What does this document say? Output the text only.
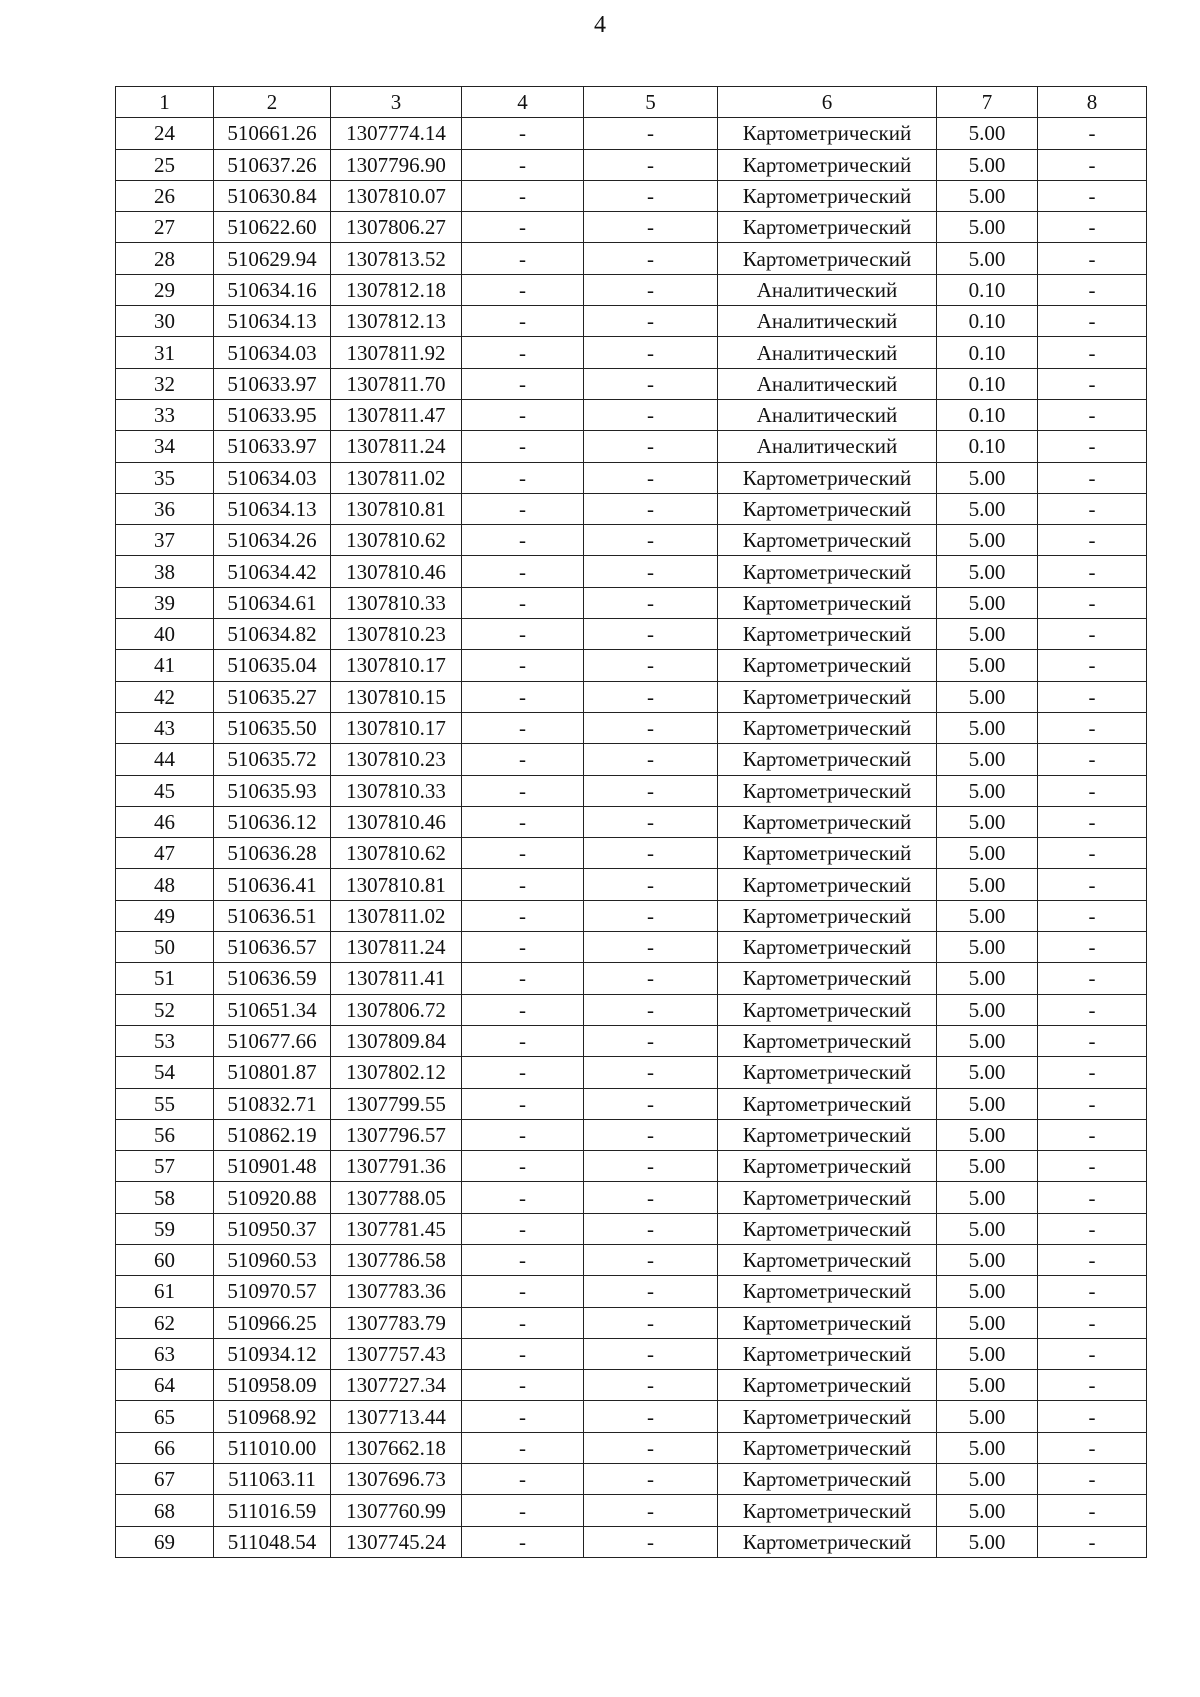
4
1	2	3	4	5	6	7	8
24	510661.26	1307774.14	-	-	Картометрический	5.00	-
25	510637.26	1307796.90	-	-	Картометрический	5.00	-
26	510630.84	1307810.07	-	-	Картометрический	5.00	-
27	510622.60	1307806.27	-	-	Картометрический	5.00	-
28	510629.94	1307813.52	-	-	Картометрический	5.00	-
29	510634.16	1307812.18	-	-	Аналитический	0.10	-
30	510634.13	1307812.13	-	-	Аналитический	0.10	-
31	510634.03	1307811.92	-	-	Аналитический	0.10	-
32	510633.97	1307811.70	-	-	Аналитический	0.10	-
33	510633.95	1307811.47	-	-	Аналитический	0.10	-
34	510633.97	1307811.24	-	-	Аналитический	0.10	-
35	510634.03	1307811.02	-	-	Картометрический	5.00	-
36	510634.13	1307810.81	-	-	Картометрический	5.00	-
37	510634.26	1307810.62	-	-	Картометрический	5.00	-
38	510634.42	1307810.46	-	-	Картометрический	5.00	-
39	510634.61	1307810.33	-	-	Картометрический	5.00	-
40	510634.82	1307810.23	-	-	Картометрический	5.00	-
41	510635.04	1307810.17	-	-	Картометрический	5.00	-
42	510635.27	1307810.15	-	-	Картометрический	5.00	-
43	510635.50	1307810.17	-	-	Картометрический	5.00	-
44	510635.72	1307810.23	-	-	Картометрический	5.00	-
45	510635.93	1307810.33	-	-	Картометрический	5.00	-
46	510636.12	1307810.46	-	-	Картометрический	5.00	-
47	510636.28	1307810.62	-	-	Картометрический	5.00	-
48	510636.41	1307810.81	-	-	Картометрический	5.00	-
49	510636.51	1307811.02	-	-	Картометрический	5.00	-
50	510636.57	1307811.24	-	-	Картометрический	5.00	-
51	510636.59	1307811.41	-	-	Картометрический	5.00	-
52	510651.34	1307806.72	-	-	Картометрический	5.00	-
53	510677.66	1307809.84	-	-	Картометрический	5.00	-
54	510801.87	1307802.12	-	-	Картометрический	5.00	-
55	510832.71	1307799.55	-	-	Картометрический	5.00	-
56	510862.19	1307796.57	-	-	Картометрический	5.00	-
57	510901.48	1307791.36	-	-	Картометрический	5.00	-
58	510920.88	1307788.05	-	-	Картометрический	5.00	-
59	510950.37	1307781.45	-	-	Картометрический	5.00	-
60	510960.53	1307786.58	-	-	Картометрический	5.00	-
61	510970.57	1307783.36	-	-	Картометрический	5.00	-
62	510966.25	1307783.79	-	-	Картометрический	5.00	-
63	510934.12	1307757.43	-	-	Картометрический	5.00	-
64	510958.09	1307727.34	-	-	Картометрический	5.00	-
65	510968.92	1307713.44	-	-	Картометрический	5.00	-
66	511010.00	1307662.18	-	-	Картометрический	5.00	-
67	511063.11	1307696.73	-	-	Картометрический	5.00	-
68	511016.59	1307760.99	-	-	Картометрический	5.00	-
69	511048.54	1307745.24	-	-	Картометрический	5.00	-
